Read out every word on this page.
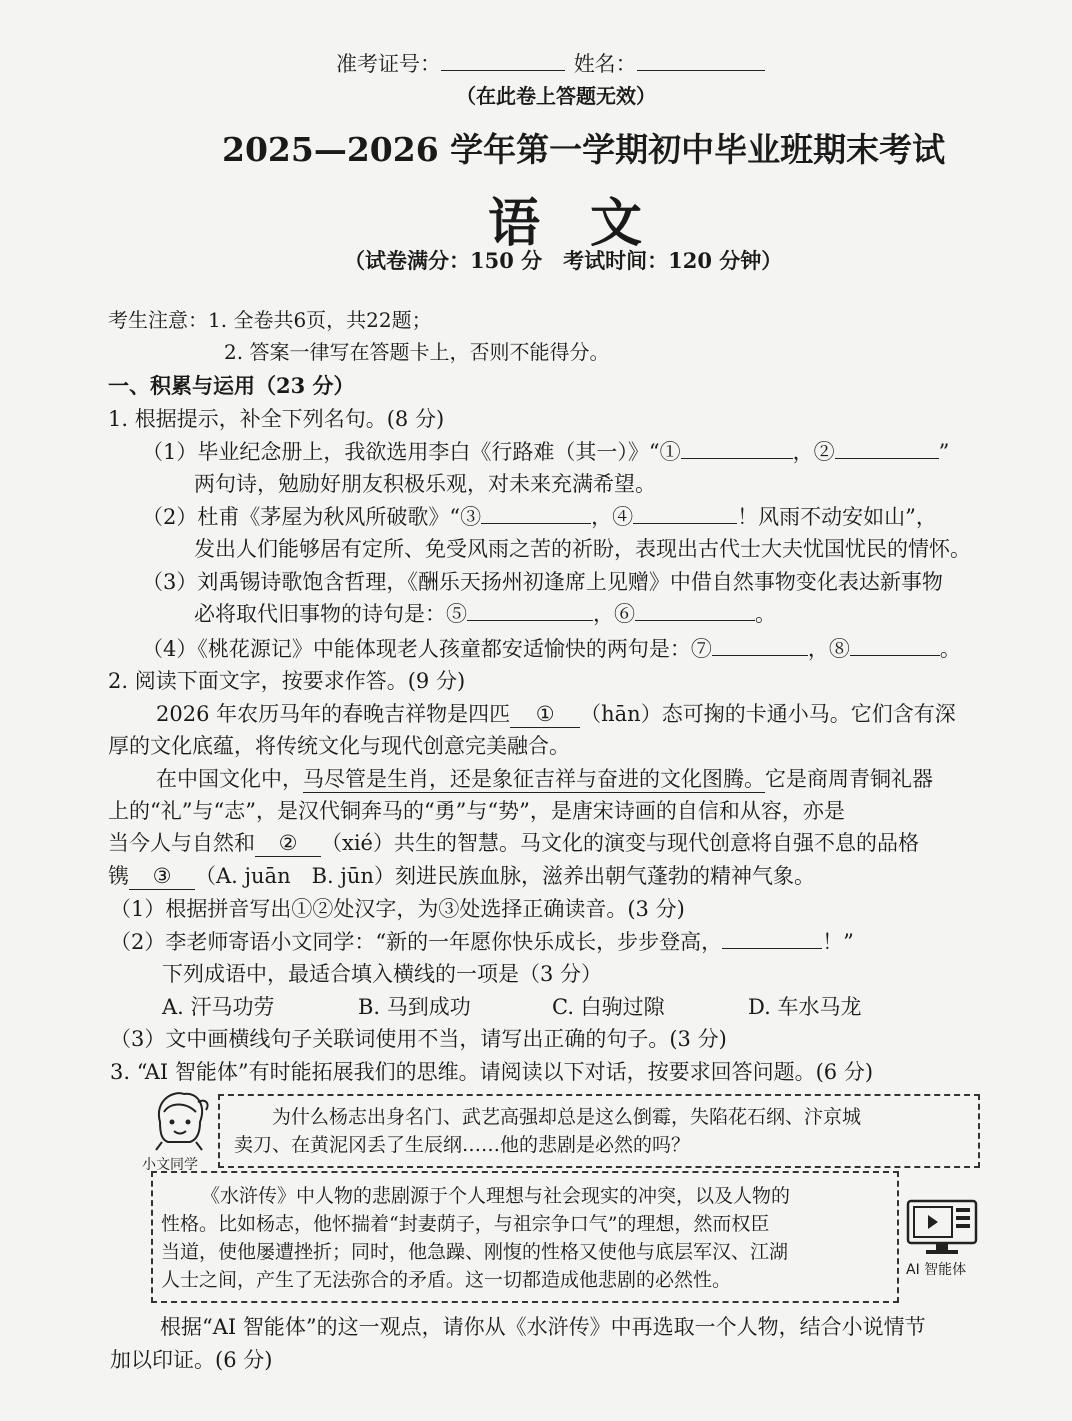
准考证号：	姓名：
（在此卷上答题无效）
2025—2026 学年第一学期初中毕业班期末考试
语文
（试卷满分：150 分　考试时间：120 分钟）
考生注意：1. 全卷共6页，共22题；
2. 答案一律写在答题卡上，否则不能得分。
一、积累与运用（23 分）
1. 根据提示，补全下列名句。(8 分)
（1）毕业纪念册上，我欲选用李白《行路难（其一）》“①	，②	”
两句诗，勉励好朋友积极乐观，对未来充满希望。
（2）杜甫《茅屋为秋风所破歌》“③	，④	！风雨不动安如山”，
发出人们能够居有定所、免受风雨之苦的祈盼，表现出古代士大夫忧国忧民的情怀。
（3）刘禹锡诗歌饱含哲理，《酬乐天扬州初逢席上见赠》中借自然事物变化表达新事物
必将取代旧事物的诗句是：⑤	，⑥	。
（4）《桃花源记》中能体现老人孩童都安适愉快的两句是：⑦	，⑧	。
2. 阅读下面文字，按要求作答。(9 分)
2026 年农历马年的春晚吉祥物是四匹 ① （hān）态可掬的卡通小马。它们含有深
厚的文化底蕴，将传统文化与现代创意完美融合。
在中国文化中，马尽管是生肖，还是象征吉祥与奋进的文化图腾。它是商周青铜礼器
上的“礼”与“志”，是汉代铜奔马的“勇”与“势”，是唐宋诗画的自信和从容，亦是
当今人与自然和 ② （xié）共生的智慧。马文化的演变与现代创意将自强不息的品格
镌 ③ （A. juān　B. jūn）刻进民族血脉，滋养出朝气蓬勃的精神气象。
（1）根据拼音写出①②处汉字，为③处选择正确读音。(3 分)
（2）李老师寄语小文同学：“新的一年愿你快乐成长，步步登高，	！”
下列成语中，最适合填入横线的一项是（3 分）
A. 汗马功劳	B. 马到成功	C. 白驹过隙	D. 车水马龙
（3）文中画横线句子关联词使用不当，请写出正确的句子。(3 分)
3. “AI 智能体”有时能拓展我们的思维。请阅读以下对话，按要求回答问题。(6 分)
小文同学
为什么杨志出身名门、武艺高强却总是这么倒霉，失陷花石纲、汴京城
卖刀、在黄泥冈丢了生辰纲……他的悲剧是必然的吗？
《水浒传》中人物的悲剧源于个人理想与社会现实的冲突，以及人物的
性格。比如杨志，他怀揣着“封妻荫子，与祖宗争口气”的理想，然而权臣
当道，使他屡遭挫折；同时，他急躁、刚愎的性格又使他与底层军汉、江湖
人士之间，产生了无法弥合的矛盾。这一切都造成他悲剧的必然性。	AI 智能体
根据“AI 智能体”的这一观点，请你从《水浒传》中再选取一个人物，结合小说情节
加以印证。(6 分)
